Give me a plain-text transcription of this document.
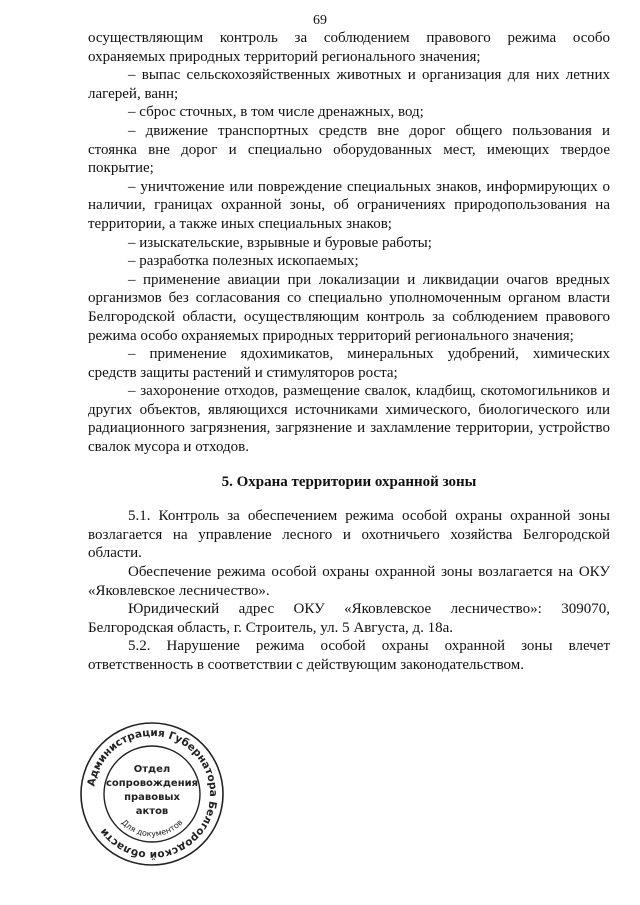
69

осуществляющим контроль за соблюдением правового режима особо охраняемых природных территорий регионального значения;

– выпас сельскохозяйственных животных и организация для них летних лагерей, ванн;

– сброс сточных, в том числе дренажных, вод;

– движение транспортных средств вне дорог общего пользования и стоянка вне дорог и специально оборудованных мест, имеющих твердое покрытие;

– уничтожение или повреждение специальных знаков, информирующих о наличии, границах охранной зоны, об ограничениях природопользования на территории, а также иных специальных знаков;

– изыскательские, взрывные и буровые работы;

– разработка полезных ископаемых;

– применение авиации при локализации и ликвидации очагов вредных организмов без согласования со специально уполномоченным органом власти Белгородской области, осуществляющим контроль за соблюдением правового режима особо охраняемых природных территорий регионального значения;

– применение ядохимикатов, минеральных удобрений, химических средств защиты растений и стимуляторов роста;

– захоронение отходов, размещение свалок, кладбищ, скотомогильников и других объектов, являющихся источниками химического, биологического или радиационного загрязнения, загрязнение и захламление территории, устройство свалок мусора и отходов.

5. Охрана территории охранной зоны

5.1. Контроль за обеспечением режима особой охраны охранной зоны возлагается на управление лесного и охотничьего хозяйства Белгородской области.

Обеспечение режима особой охраны охранной зоны возлагается на ОКУ «Яковлевское лесничество».

Юридический адрес ОКУ «Яковлевское лесничество»: 309070, Белгородская область, г. Строитель, ул. 5 Августа, д. 18а.

5.2. Нарушение режима особой охраны охранной зоны влечет ответственность в соответствии с действующим законодательством.

Администрация Губернатора Белгородской области
Отдел
сопровождения
правовых
актов
Для документов
